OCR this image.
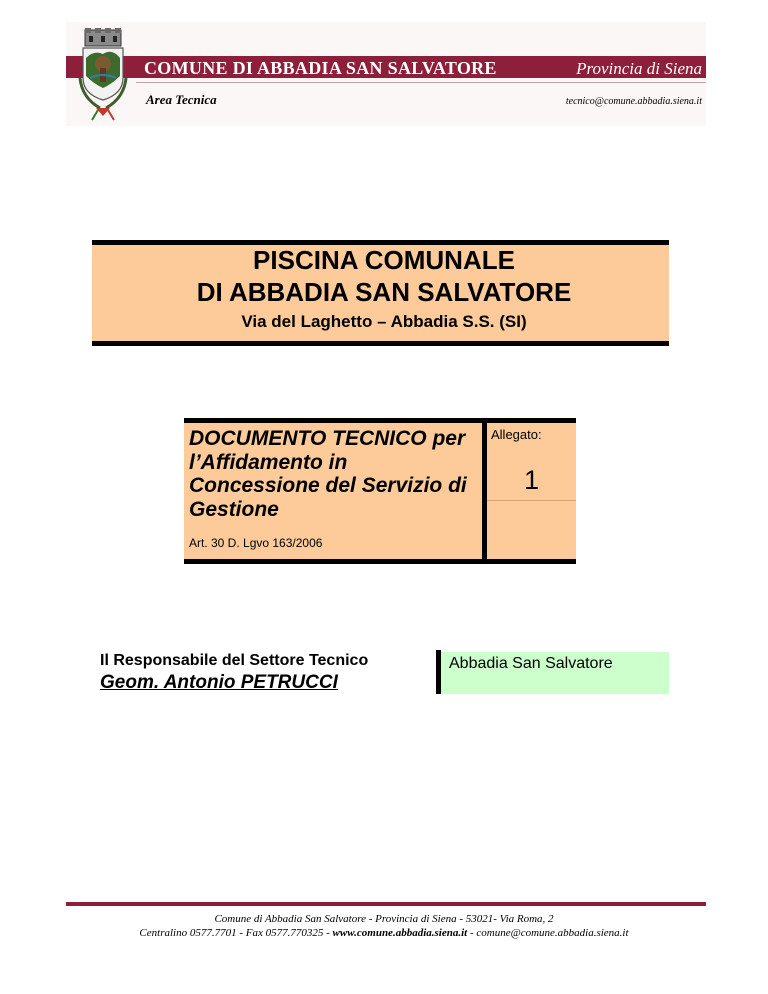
COMUNE DI ABBADIA SAN SALVATORE	Provincia di Siena
Area Tecnica	tecnico@comune.abbadia.siena.it
PISCINA COMUNALE
DI ABBADIA SAN SALVATORE
Via del Laghetto – Abbadia S.S. (SI)
DOCUMENTO TECNICO per l’Affidamento in Concessione del Servizio di Gestione
Art. 30 D. Lgvo 163/2006
Allegato:
1
Il Responsabile del Settore Tecnico
Geom. Antonio PETRUCCI
Abbadia San Salvatore
Comune di Abbadia San Salvatore - Provincia di Siena - 53021- Via Roma, 2
Centralino 0577.7701 - Fax 0577.770325 - www.comune.abbadia.siena.it - comune@comune.abbadia.siena.it
